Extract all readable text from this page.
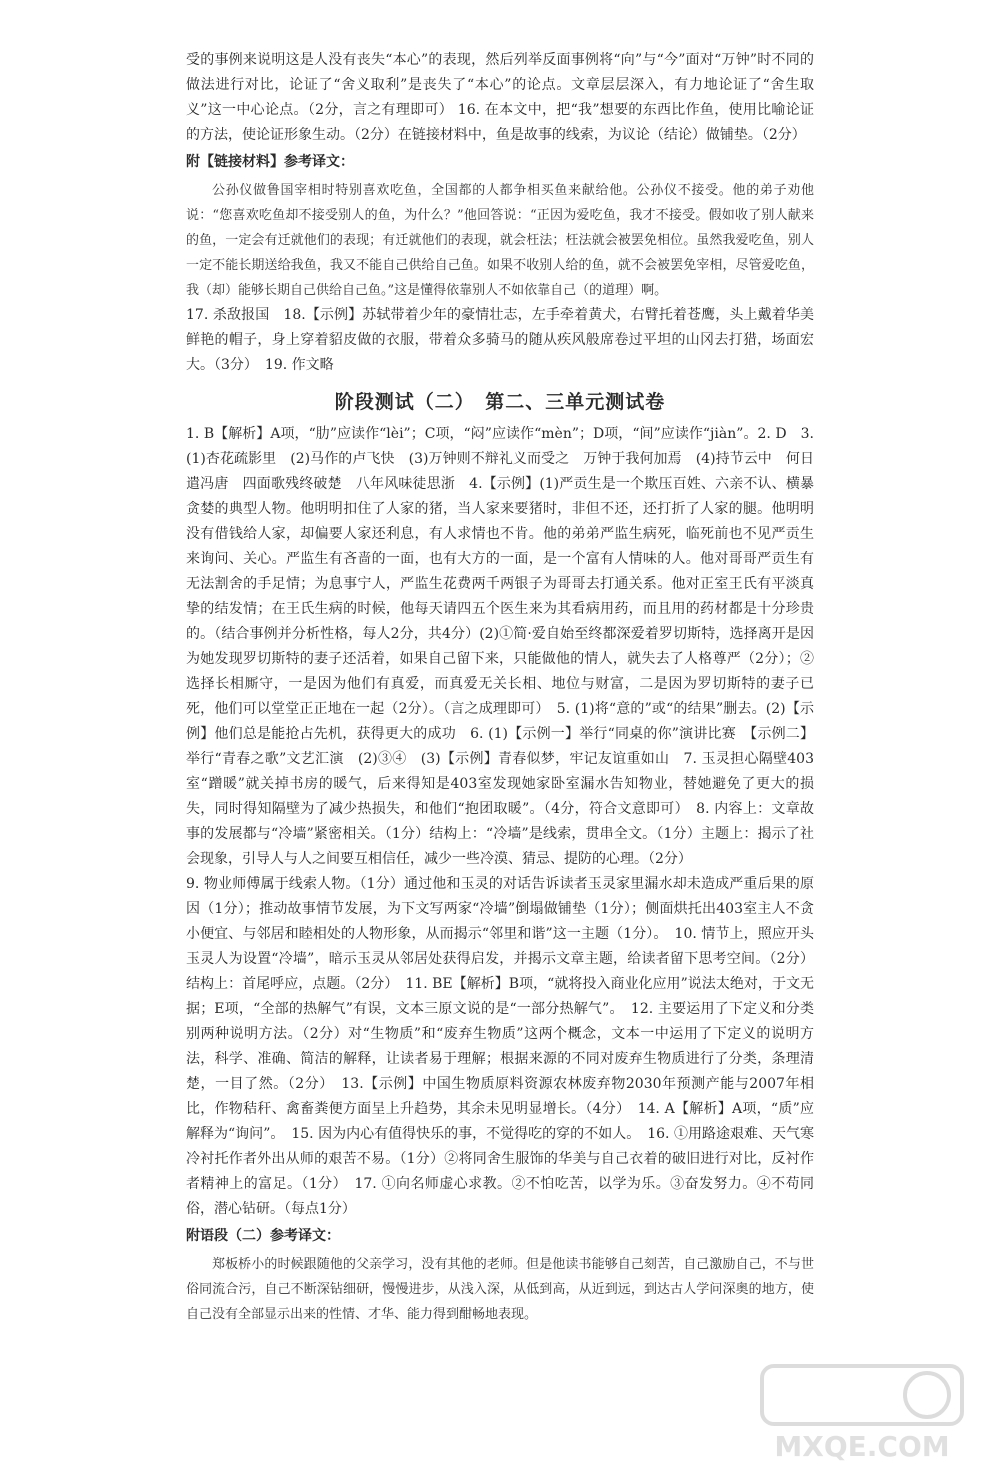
受的事例来说明这是人没有丧失“本心”的表现，然后列举反面事例将“向”与“今”面对“万钟”时不同的做法进行对比，论证了“舍义取利”是丧失了“本心”的论点。文章层层深入，有力地论证了“舍生取义”这一中心论点。（2分，言之有理即可） 16. 在本文中，把“我”想要的东西比作鱼，使用比喻论证的方法，使论证形象生动。（2分）在链接材料中，鱼是故事的线索，为议论（结论）做铺垫。（2分）

附【链接材料】参考译文：

公孙仪做鲁国宰相时特别喜欢吃鱼，全国都的人都争相买鱼来献给他。公孙仪不接受。他的弟子劝他说：“您喜欢吃鱼却不接受别人的鱼，为什么？”他回答说：“正因为爱吃鱼，我才不接受。假如收了别人献来的鱼，一定会有迁就他们的表现；有迁就他们的表现，就会枉法；枉法就会被罢免相位。虽然我爱吃鱼，别人一定不能长期送给我鱼，我又不能自己供给自己鱼。如果不收别人给的鱼，就不会被罢免宰相，尽管爱吃鱼，我（却）能够长期自己供给自己鱼。”这是懂得依靠别人不如依靠自己（的道理）啊。

17. 杀敌报国　18.【示例】苏轼带着少年的豪情壮志，左手牵着黄犬，右臂托着苍鹰，头上戴着华美鲜艳的帽子，身上穿着貂皮做的衣服，带着众多骑马的随从疾风般席卷过平坦的山冈去打猎，场面宏大。（3分）　19. 作文略

阶段测试（二）　第二、三单元测试卷

1. B【解析】A项，“肋”应读作“lèi”；C项，“闷”应读作“mèn”；D项，“间”应读作“jiàn”。2. D　3. (1)杏花疏影里　(2)马作的卢飞快　(3)万钟则不辩礼义而受之　万钟于我何加焉　(4)持节云中　何日遣冯唐　四面歌残终破楚　八年风味徒思浙　4.【示例】(1)严贡生是一个欺压百姓、六亲不认、横暴贪婪的典型人物。他明明扣住了人家的猪，当人家来要猪时，非但不还，还打折了人家的腿。他明明没有借钱给人家，却偏要人家还利息，有人求情也不肯。他的弟弟严监生病死，临死前也不见严贡生来询问、关心。严监生有吝啬的一面，也有大方的一面，是一个富有人情味的人。他对哥哥严贡生有无法割舍的手足情；为息事宁人，严监生花费两千两银子为哥哥去打通关系。他对正室王氏有平淡真挚的结发情；在王氏生病的时候，他每天请四五个医生来为其看病用药，而且用的药材都是十分珍贵的。（结合事例并分析性格，每人2分，共4分）(2)①简·爱自始至终都深爱着罗切斯特，选择离开是因为她发现罗切斯特的妻子还活着，如果自己留下来，只能做他的情人，就失去了人格尊严（2分）；②选择长相厮守，一是因为他们有真爱，而真爱无关长相、地位与财富，二是因为罗切斯特的妻子已死，他们可以堂堂正正地在一起（2分）。（言之成理即可）　5. (1)将“意的”或“的结果”删去。(2)【示例】他们总是能抢占先机，获得更大的成功　6. (1)【示例一】举行“同桌的你”演讲比赛　【示例二】举行“青春之歌”文艺汇演　(2)③④　(3)【示例】青春似梦，牢记友谊重如山　7. 玉灵担心隔壁403室“蹭暖”就关掉书房的暖气，后来得知是403室发现她家卧室漏水告知物业，替她避免了更大的损失，同时得知隔壁为了减少热损失，和他们“抱团取暖”。（4分，符合文意即可）　8. 内容上：文章故事的发展都与“冷墙”紧密相关。（1分）结构上：“冷墙”是线索，贯串全文。（1分）主题上：揭示了社会现象，引导人与人之间要互相信任，减少一些冷漠、猜忌、提防的心理。（2分）

9. 物业师傅属于线索人物。（1分）通过他和玉灵的对话告诉读者玉灵家里漏水却未造成严重后果的原因（1分）；推动故事情节发展，为下文写两家“冷墙”倒塌做铺垫（1分）；侧面烘托出403室主人不贪小便宜、与邻居和睦相处的人物形象，从而揭示“邻里和谐”这一主题（1分）。　10. 情节上，照应开头玉灵人为设置“冷墙”，暗示玉灵从邻居处获得启发，并揭示文章主题，给读者留下思考空间。（2分）结构上：首尾呼应，点题。（2分）　11. BE【解析】B项，“就将投入商业化应用”说法太绝对，于文无据；E项，“全部的热解气”有误，文本三原文说的是“一部分热解气”。　12. 主要运用了下定义和分类别两种说明方法。（2分）对“生物质”和“废弃生物质”这两个概念，文本一中运用了下定义的说明方法，科学、准确、简洁的解释，让读者易于理解；根据来源的不同对废弃生物质进行了分类，条理清楚，一目了然。（2分）　13.【示例】中国生物质原料资源农林废弃物2030年预测产能与2007年相比，作物秸秆、禽畜粪便方面呈上升趋势，其余未见明显增长。（4分）　14. A【解析】A项，“质”应解释为“询问”。　15. 因为内心有值得快乐的事，不觉得吃的穿的不如人。　16. ①用路途艰难、天气寒冷衬托作者外出从师的艰苦不易。（1分）②将同舍生服饰的华美与自己衣着的破旧进行对比，反衬作者精神上的富足。（1分）　17. ①向名师虚心求教。②不怕吃苦，以学为乐。③奋发努力。④不苟同俗，潜心钻研。（每点1分）

附语段（二）参考译文：

郑板桥小的时候跟随他的父亲学习，没有其他的老师。但是他读书能够自己刻苦，自己激励自己，不与世俗同流合污，自己不断深钻细研，慢慢进步，从浅入深，从低到高，从近到远，到达古人学问深奥的地方，使自己没有全部显示出来的性情、才华、能力得到酣畅地表现。

MXQE.COM
